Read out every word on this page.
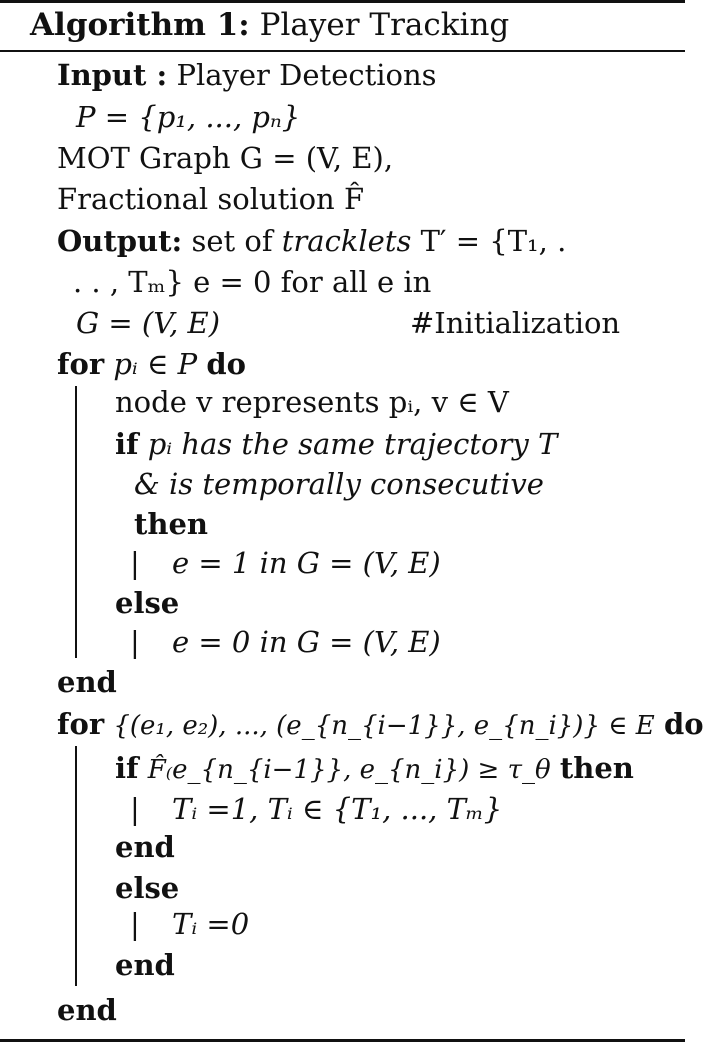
Algorithm 1: Player Tracking
Input : Player Detections
P = {p₁, ..., pₙ}
MOT Graph G = (V, E),
Fractional solution F̂
Output: set of tracklets T′ = {T₁, .
. . , Tₘ} e = 0 for all e in
G = (V, E)	#Initialization
for pᵢ ∈ P do
node v represents pᵢ, v ∈ V
if pᵢ has the same trajectory T
& is temporally consecutive
then
| e = 1 in G = (V, E)
else
| e = 0 in G = (V, E)
end
for {(e₁, e₂), ..., (e_{n_{i−1}}, e_{n_i})} ∈ E do
if F̂₍e_{n_{i−1}}, e_{n_i}) ≥ τ_θ then
| Tᵢ =1, Tᵢ ∈ {T₁, ..., Tₘ}
end
else
| Tᵢ =0
end
end
